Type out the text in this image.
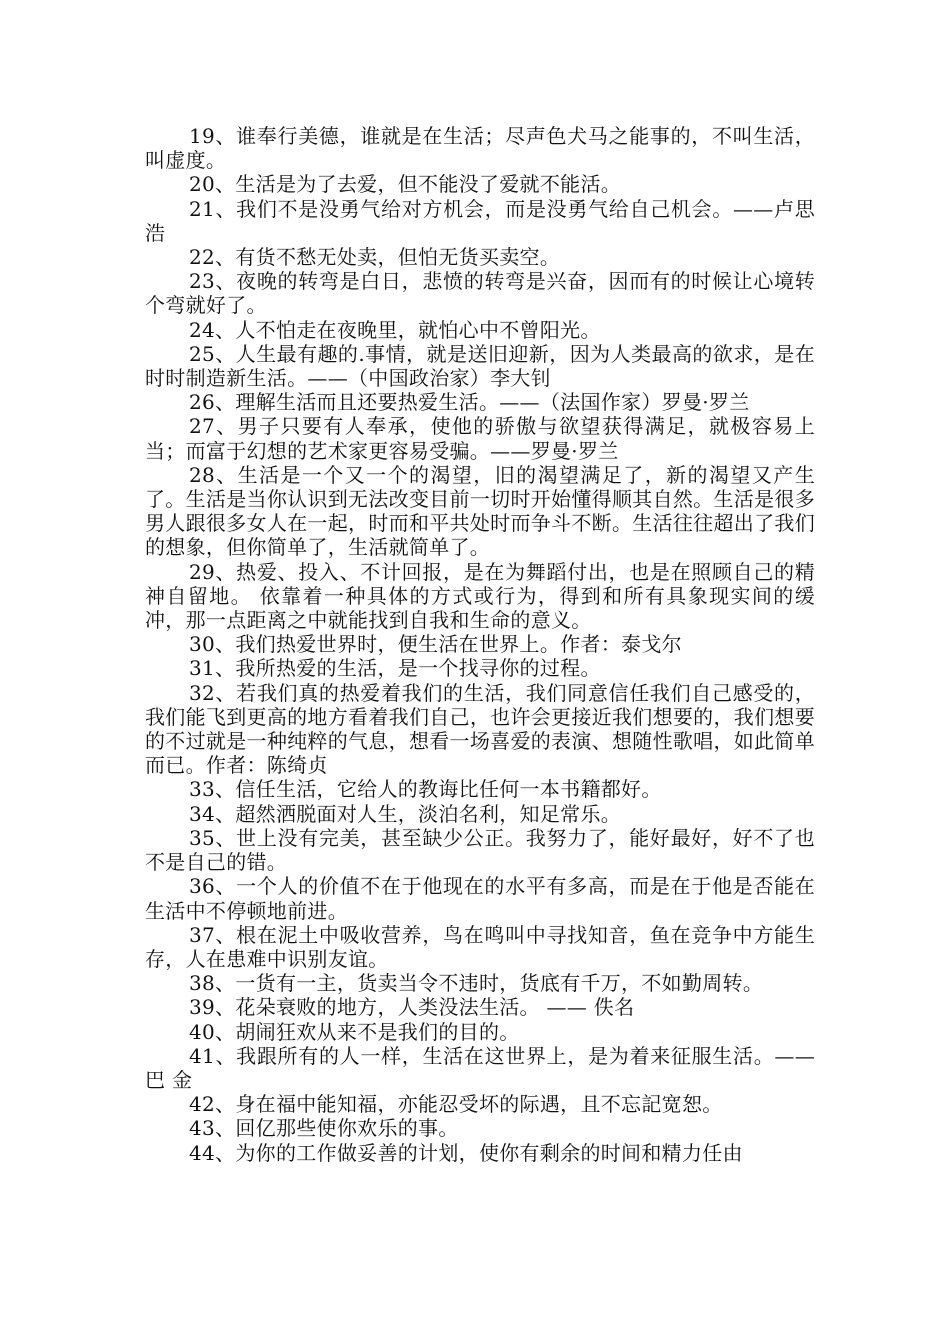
19、谁奉行美德，谁就是在生活；尽声色犬马之能事的，不叫生活，叫虚度。

20、生活是为了去爱，但不能没了爱就不能活。

21、我们不是没勇气给对方机会，而是没勇气给自己机会。——卢思浩

22、有货不愁无处卖，但怕无货买卖空。

23、夜晚的转弯是白日，悲愤的转弯是兴奋，因而有的时候让心境转个弯就好了。

24、人不怕走在夜晚里，就怕心中不曾阳光。

25、人生最有趣的.事情，就是送旧迎新，因为人类最高的欲求，是在时时制造新生活。——（中国政治家）李大钊

26、理解生活而且还要热爱生活。——（法国作家）罗曼·罗兰

27、男子只要有人奉承，使他的骄傲与欲望获得满足，就极容易上当；而富于幻想的艺术家更容易受骗。——罗曼·罗兰

28、生活是一个又一个的渴望，旧的渴望满足了，新的渴望又产生了。生活是当你认识到无法改变目前一切时开始懂得顺其自然。生活是很多男人跟很多女人在一起，时而和平共处时而争斗不断。生活往往超出了我们的想象，但你简单了，生活就简单了。

29、热爱、投入、不计回报，是在为舞蹈付出，也是在照顾自己的精神自留地。 依靠着一种具体的方式或行为，得到和所有具象现实间的缓冲，那一点距离之中就能找到自我和生命的意义。

30、我们热爱世界时，便生活在世界上。作者：泰戈尔

31、我所热爱的生活，是一个找寻你的过程。

32、若我们真的热爱着我们的生活，我们同意信任我们自己感受的，我们能飞到更高的地方看着我们自己，也许会更接近我们想要的，我们想要的不过就是一种纯粹的气息，想看一场喜爱的表演、想随性歌唱，如此简单而已。作者：陈绮贞

33、信任生活，它给人的教诲比任何一本书籍都好。

34、超然洒脱面对人生，淡泊名利，知足常乐。

35、世上没有完美，甚至缺少公正。我努力了，能好最好，好不了也不是自己的错。

36、一个人的价值不在于他现在的水平有多高，而是在于他是否能在生活中不停顿地前进。

37、根在泥土中吸收营养，鸟在鸣叫中寻找知音，鱼在竞争中方能生存，人在患难中识别友谊。

38、一货有一主，货卖当令不违时，货底有千万，不如勤周转。

39、花朵衰败的地方，人类没法生活。 —— 佚名

40、胡闹狂欢从来不是我们的目的。

41、我跟所有的人一样，生活在这世界上，是为着来征服生活。——巴 金

42、身在福中能知福，亦能忍受坏的际遇，且不忘記宽恕。

43、回亿那些使你欢乐的事。

44、为你的工作做妥善的计划，使你有剩余的时间和精力任由
